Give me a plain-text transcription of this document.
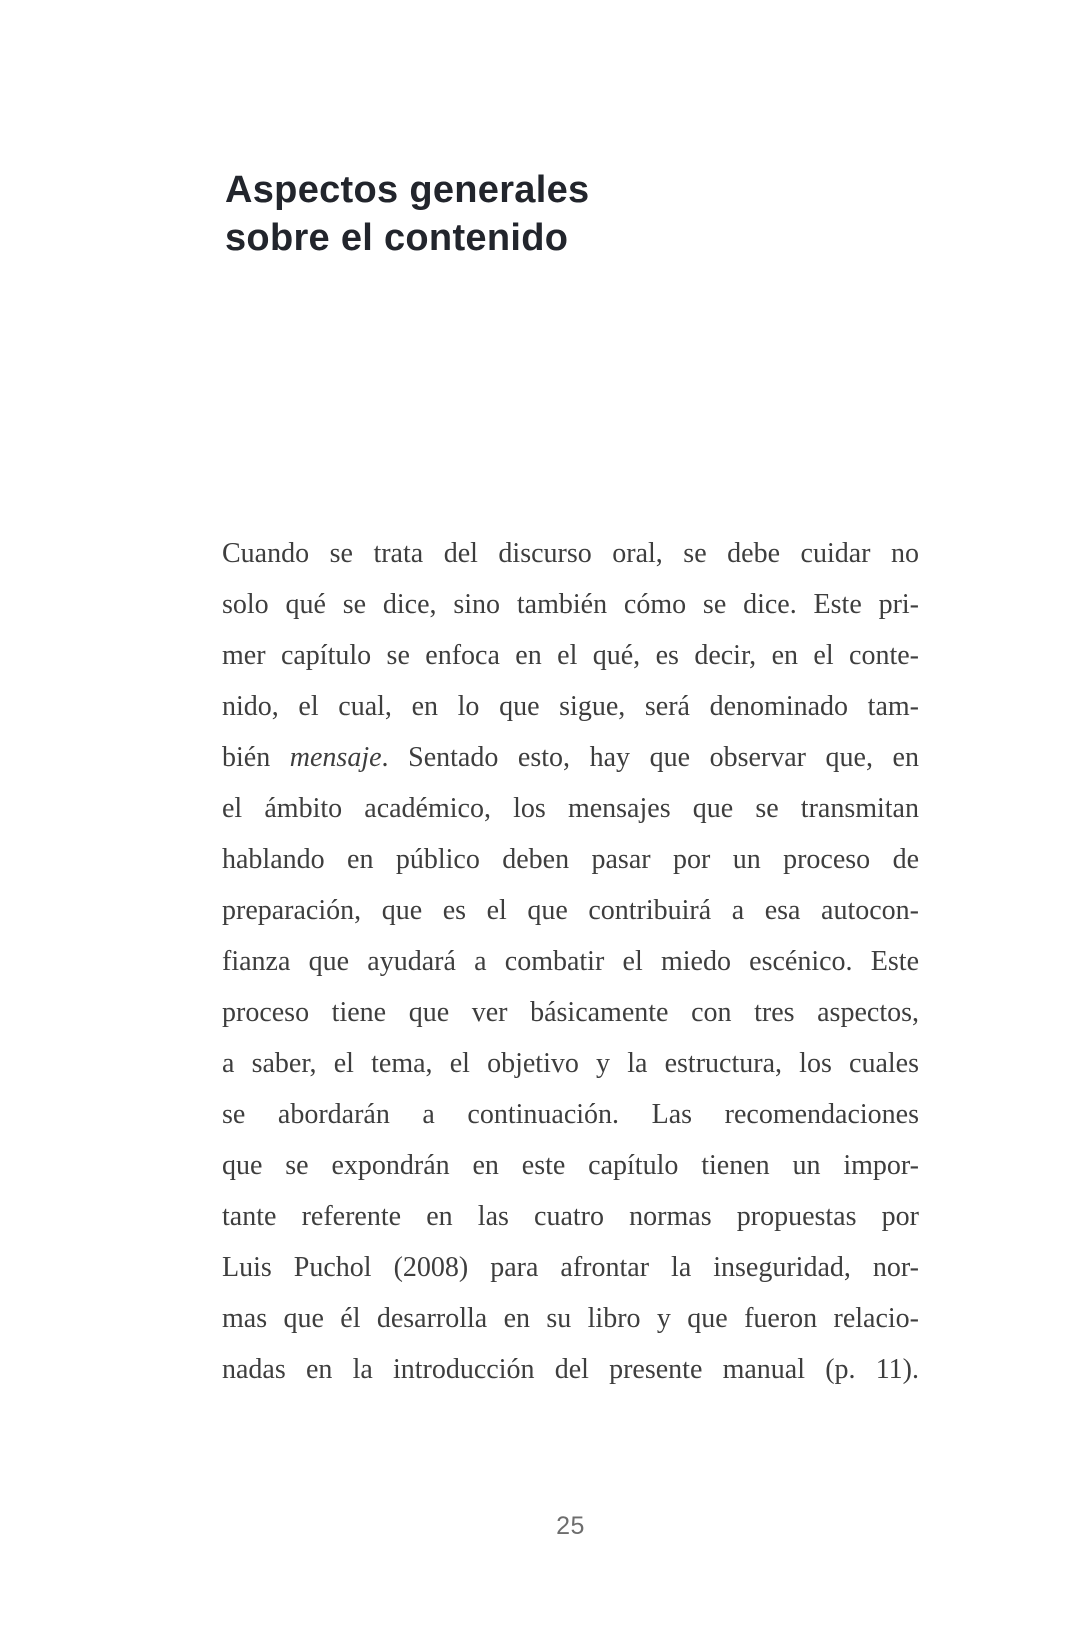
Aspectos generales
sobre el contenido
Cuando se trata del discurso oral, se debe cuidar no
solo qué se dice, sino también cómo se dice. Este pri-
mer capítulo se enfoca en el qué, es decir, en el conte-
nido, el cual, en lo que sigue, será denominado tam-
bién mensaje. Sentado esto, hay que observar que, en
el ámbito académico, los mensajes que se transmitan
hablando en público deben pasar por un proceso de
preparación, que es el que contribuirá a esa autocon-
fianza que ayudará a combatir el miedo escénico. Este
proceso tiene que ver básicamente con tres aspectos,
a saber, el tema, el objetivo y la estructura, los cuales
se abordarán a continuación. Las recomendaciones
que se expondrán en este capítulo tienen un impor-
tante referente en las cuatro normas propuestas por
Luis Puchol (2008) para afrontar la inseguridad, nor-
mas que él desarrolla en su libro y que fueron relacio-
nadas en la introducción del presente manual (p. 11).
25
